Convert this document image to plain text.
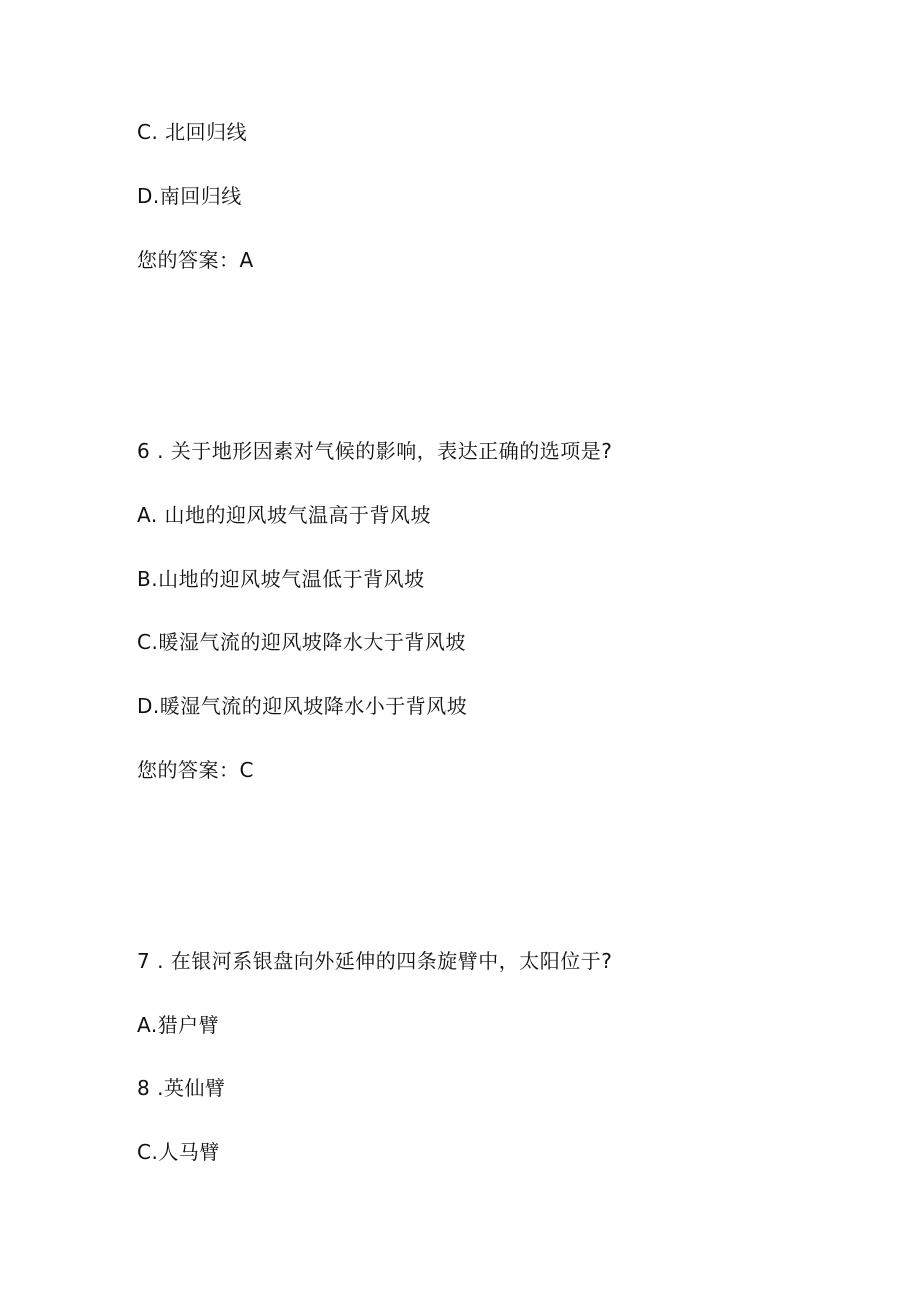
C. 北回归线
D.南回归线
您的答案：A
6 . 关于地形因素对气候的影响，表达正确的选项是?
A. 山地的迎风坡气温高于背风坡
B.山地的迎风坡气温低于背风坡
C.暖湿气流的迎风坡降水大于背风坡
D.暖湿气流的迎风坡降水小于背风坡
您的答案：C
7 . 在银河系银盘向外延伸的四条旋臂中，太阳位于?
A.猎户臂
8 .英仙臂
C.人马臂
